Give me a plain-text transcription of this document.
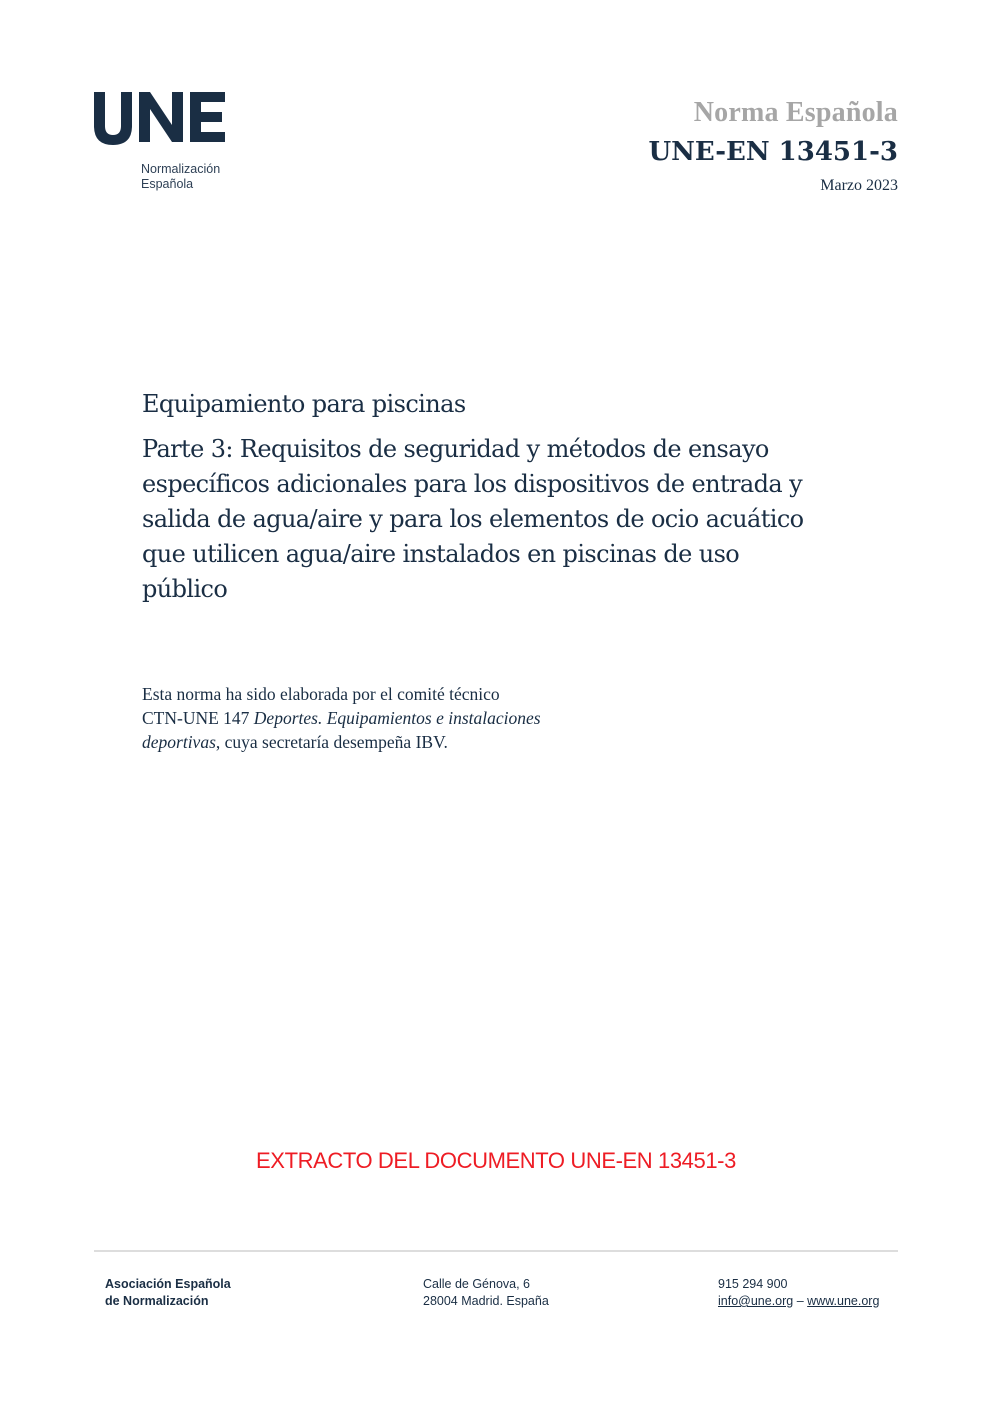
Normalización
Española
Norma Española
UNE-EN 13451-3
Marzo 2023
Equipamiento para piscinas
Parte 3: Requisitos de seguridad y métodos de ensayo
específicos adicionales para los dispositivos de entrada y
salida de agua/aire y para los elementos de ocio acuático
que utilicen agua/aire instalados en piscinas de uso
público
Esta norma ha sido elaborada por el comité técnico
CTN-UNE 147 Deportes. Equipamientos e instalaciones
deportivas, cuya secretaría desempeña IBV.
EXTRACTO DEL DOCUMENTO UNE-EN 13451-3
Asociación Española
de Normalización
Calle de Génova, 6
28004 Madrid. España
915 294 900
info@une.org – www.une.org
